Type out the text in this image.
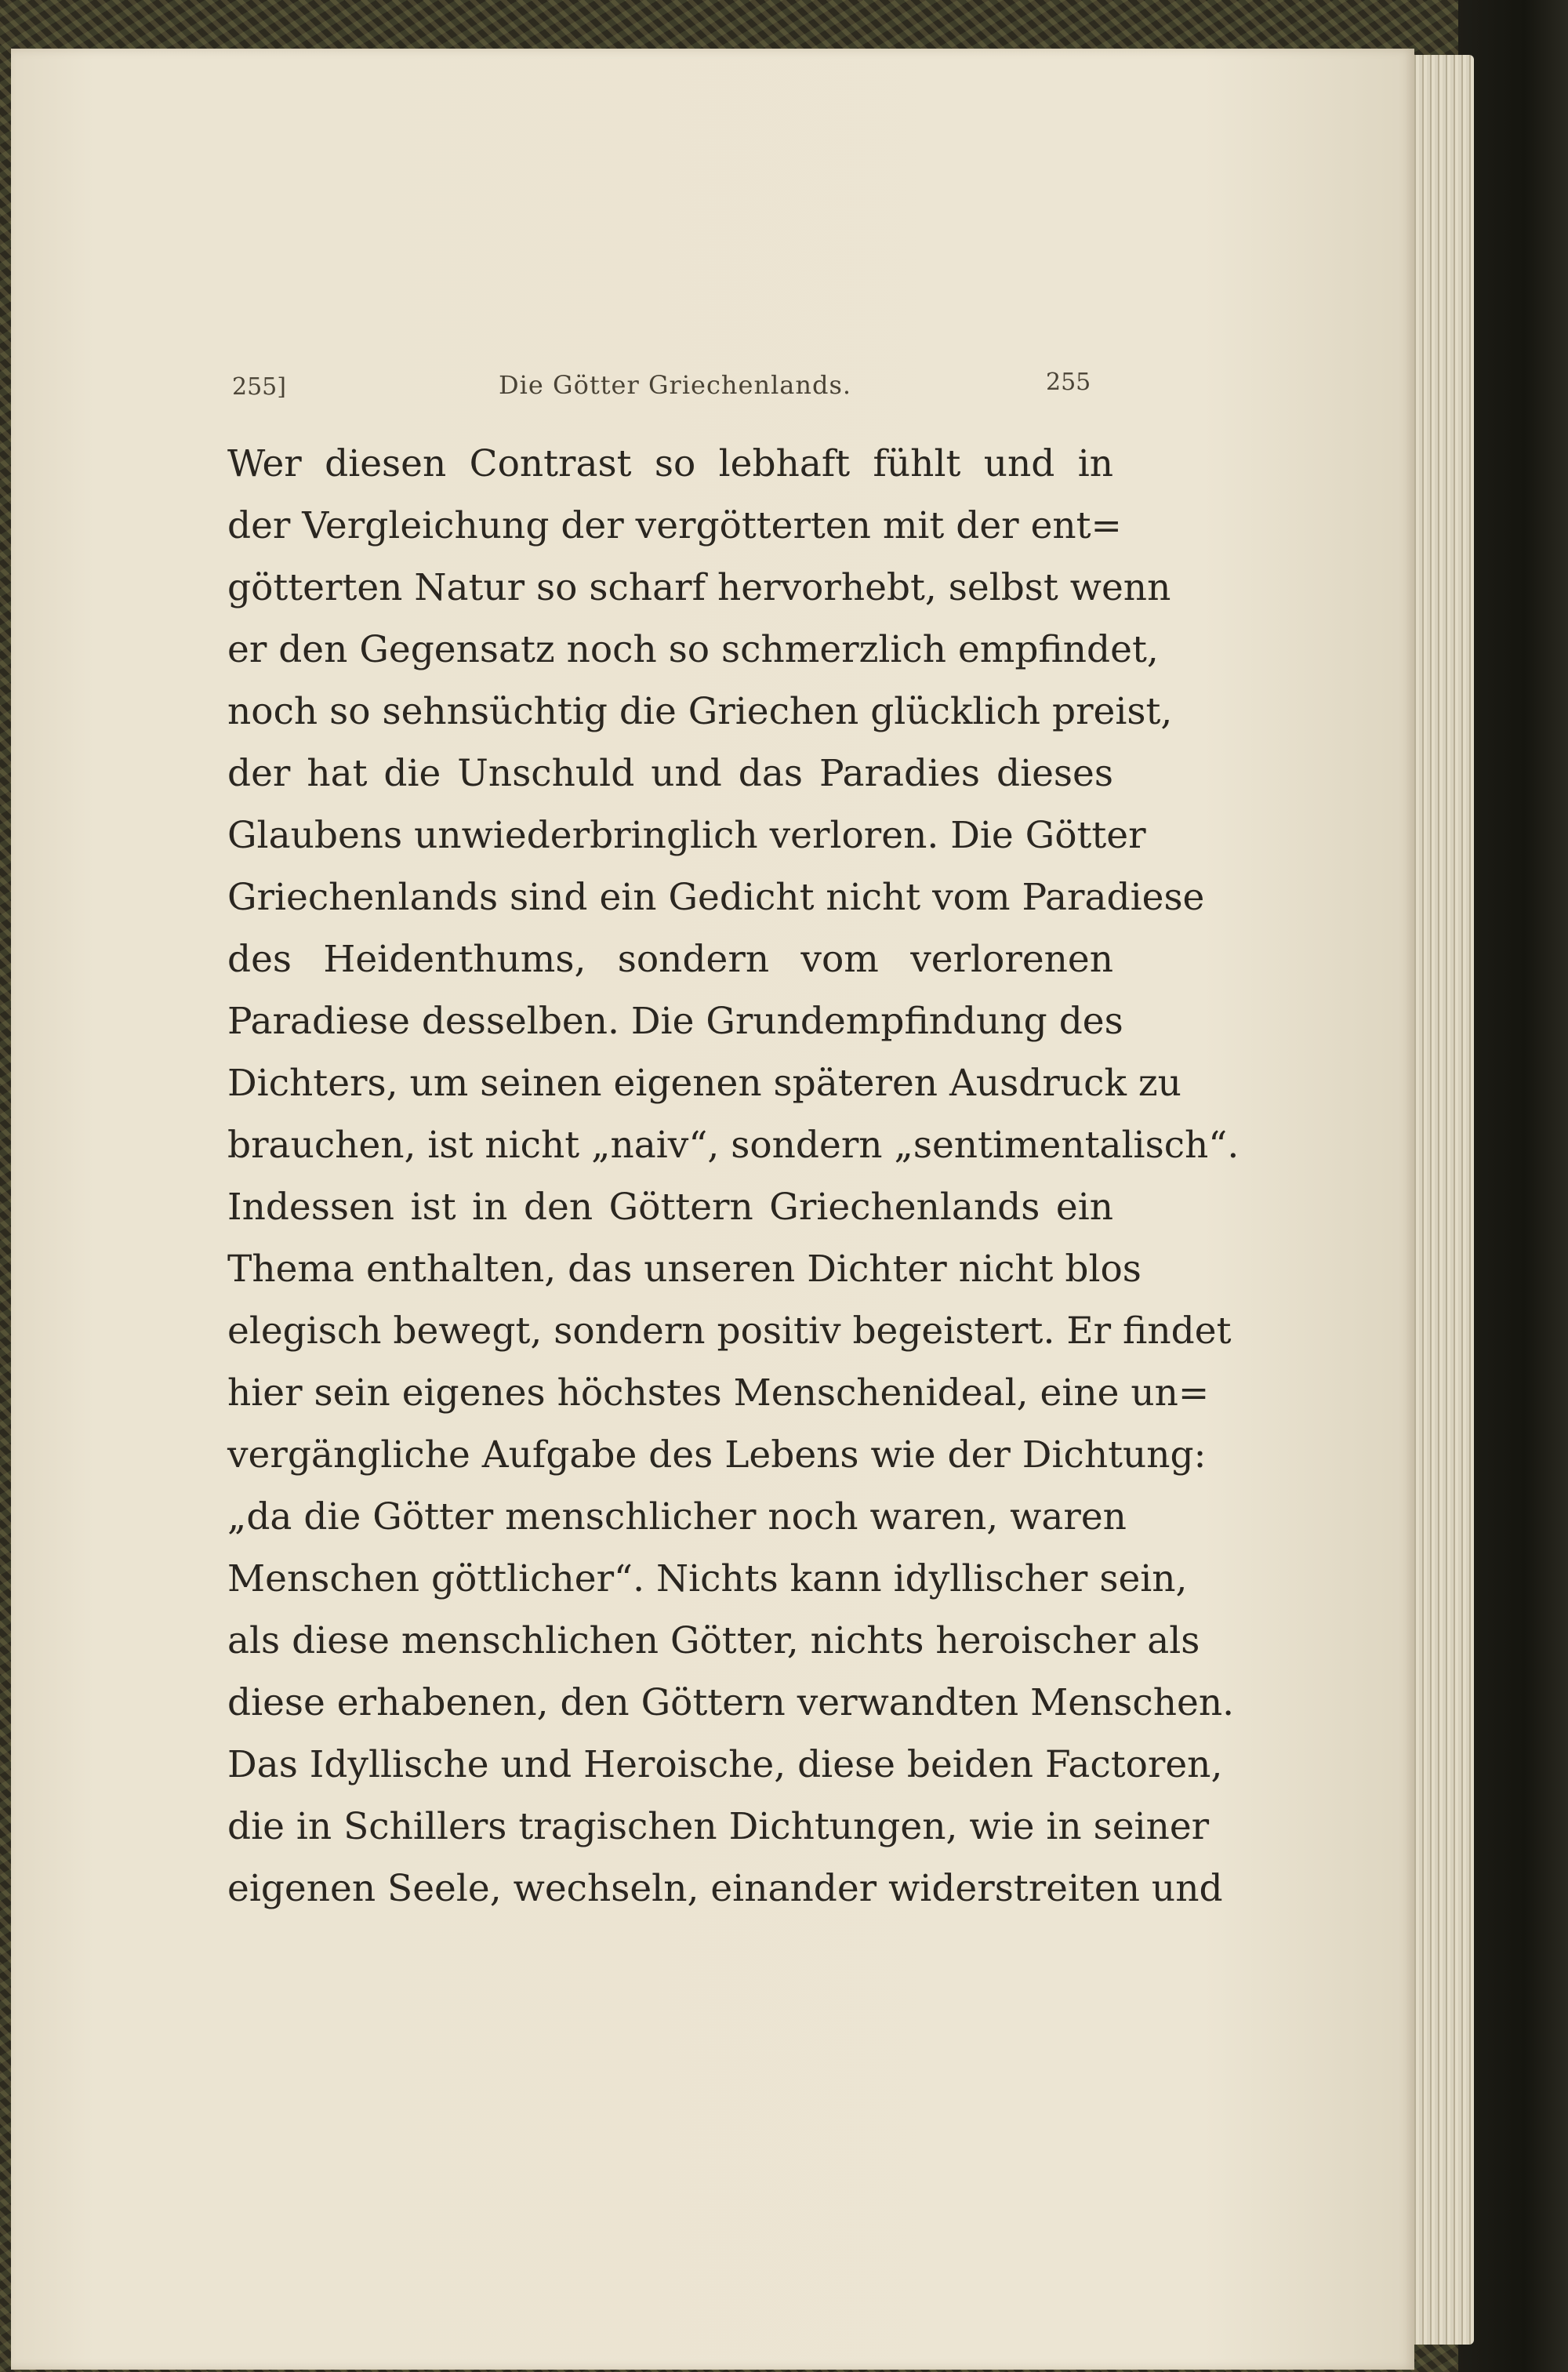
255]	Die Götter Griechenlands.	255
Wer diesen Contrast so lebhaft fühlt und in
der Vergleichung der vergötterten mit der ent=
götterten Natur so scharf hervorhebt, selbst wenn
er den Gegensatz noch so schmerzlich empfindet,
noch so sehnsüchtig die Griechen glücklich preist,
der hat die Unschuld und das Paradies dieses
Glaubens unwiederbringlich verloren. Die Götter
Griechenlands sind ein Gedicht nicht vom Paradiese
des Heidenthums, sondern vom verlorenen
Paradiese desselben. Die Grundempfindung des
Dichters, um seinen eigenen späteren Ausdruck zu
brauchen, ist nicht „naiv“, sondern „sentimentalisch“.
Indessen ist in den Göttern Griechenlands ein
Thema enthalten, das unseren Dichter nicht blos
elegisch bewegt, sondern positiv begeistert. Er findet
hier sein eigenes höchstes Menschenideal, eine un=
vergängliche Aufgabe des Lebens wie der Dichtung:
„da die Götter menschlicher noch waren, waren
Menschen göttlicher“. Nichts kann idyllischer sein,
als diese menschlichen Götter, nichts heroischer als
diese erhabenen, den Göttern verwandten Menschen.
Das Idyllische und Heroische, diese beiden Factoren,
die in Schillers tragischen Dichtungen, wie in seiner
eigenen Seele, wechseln, einander widerstreiten und
